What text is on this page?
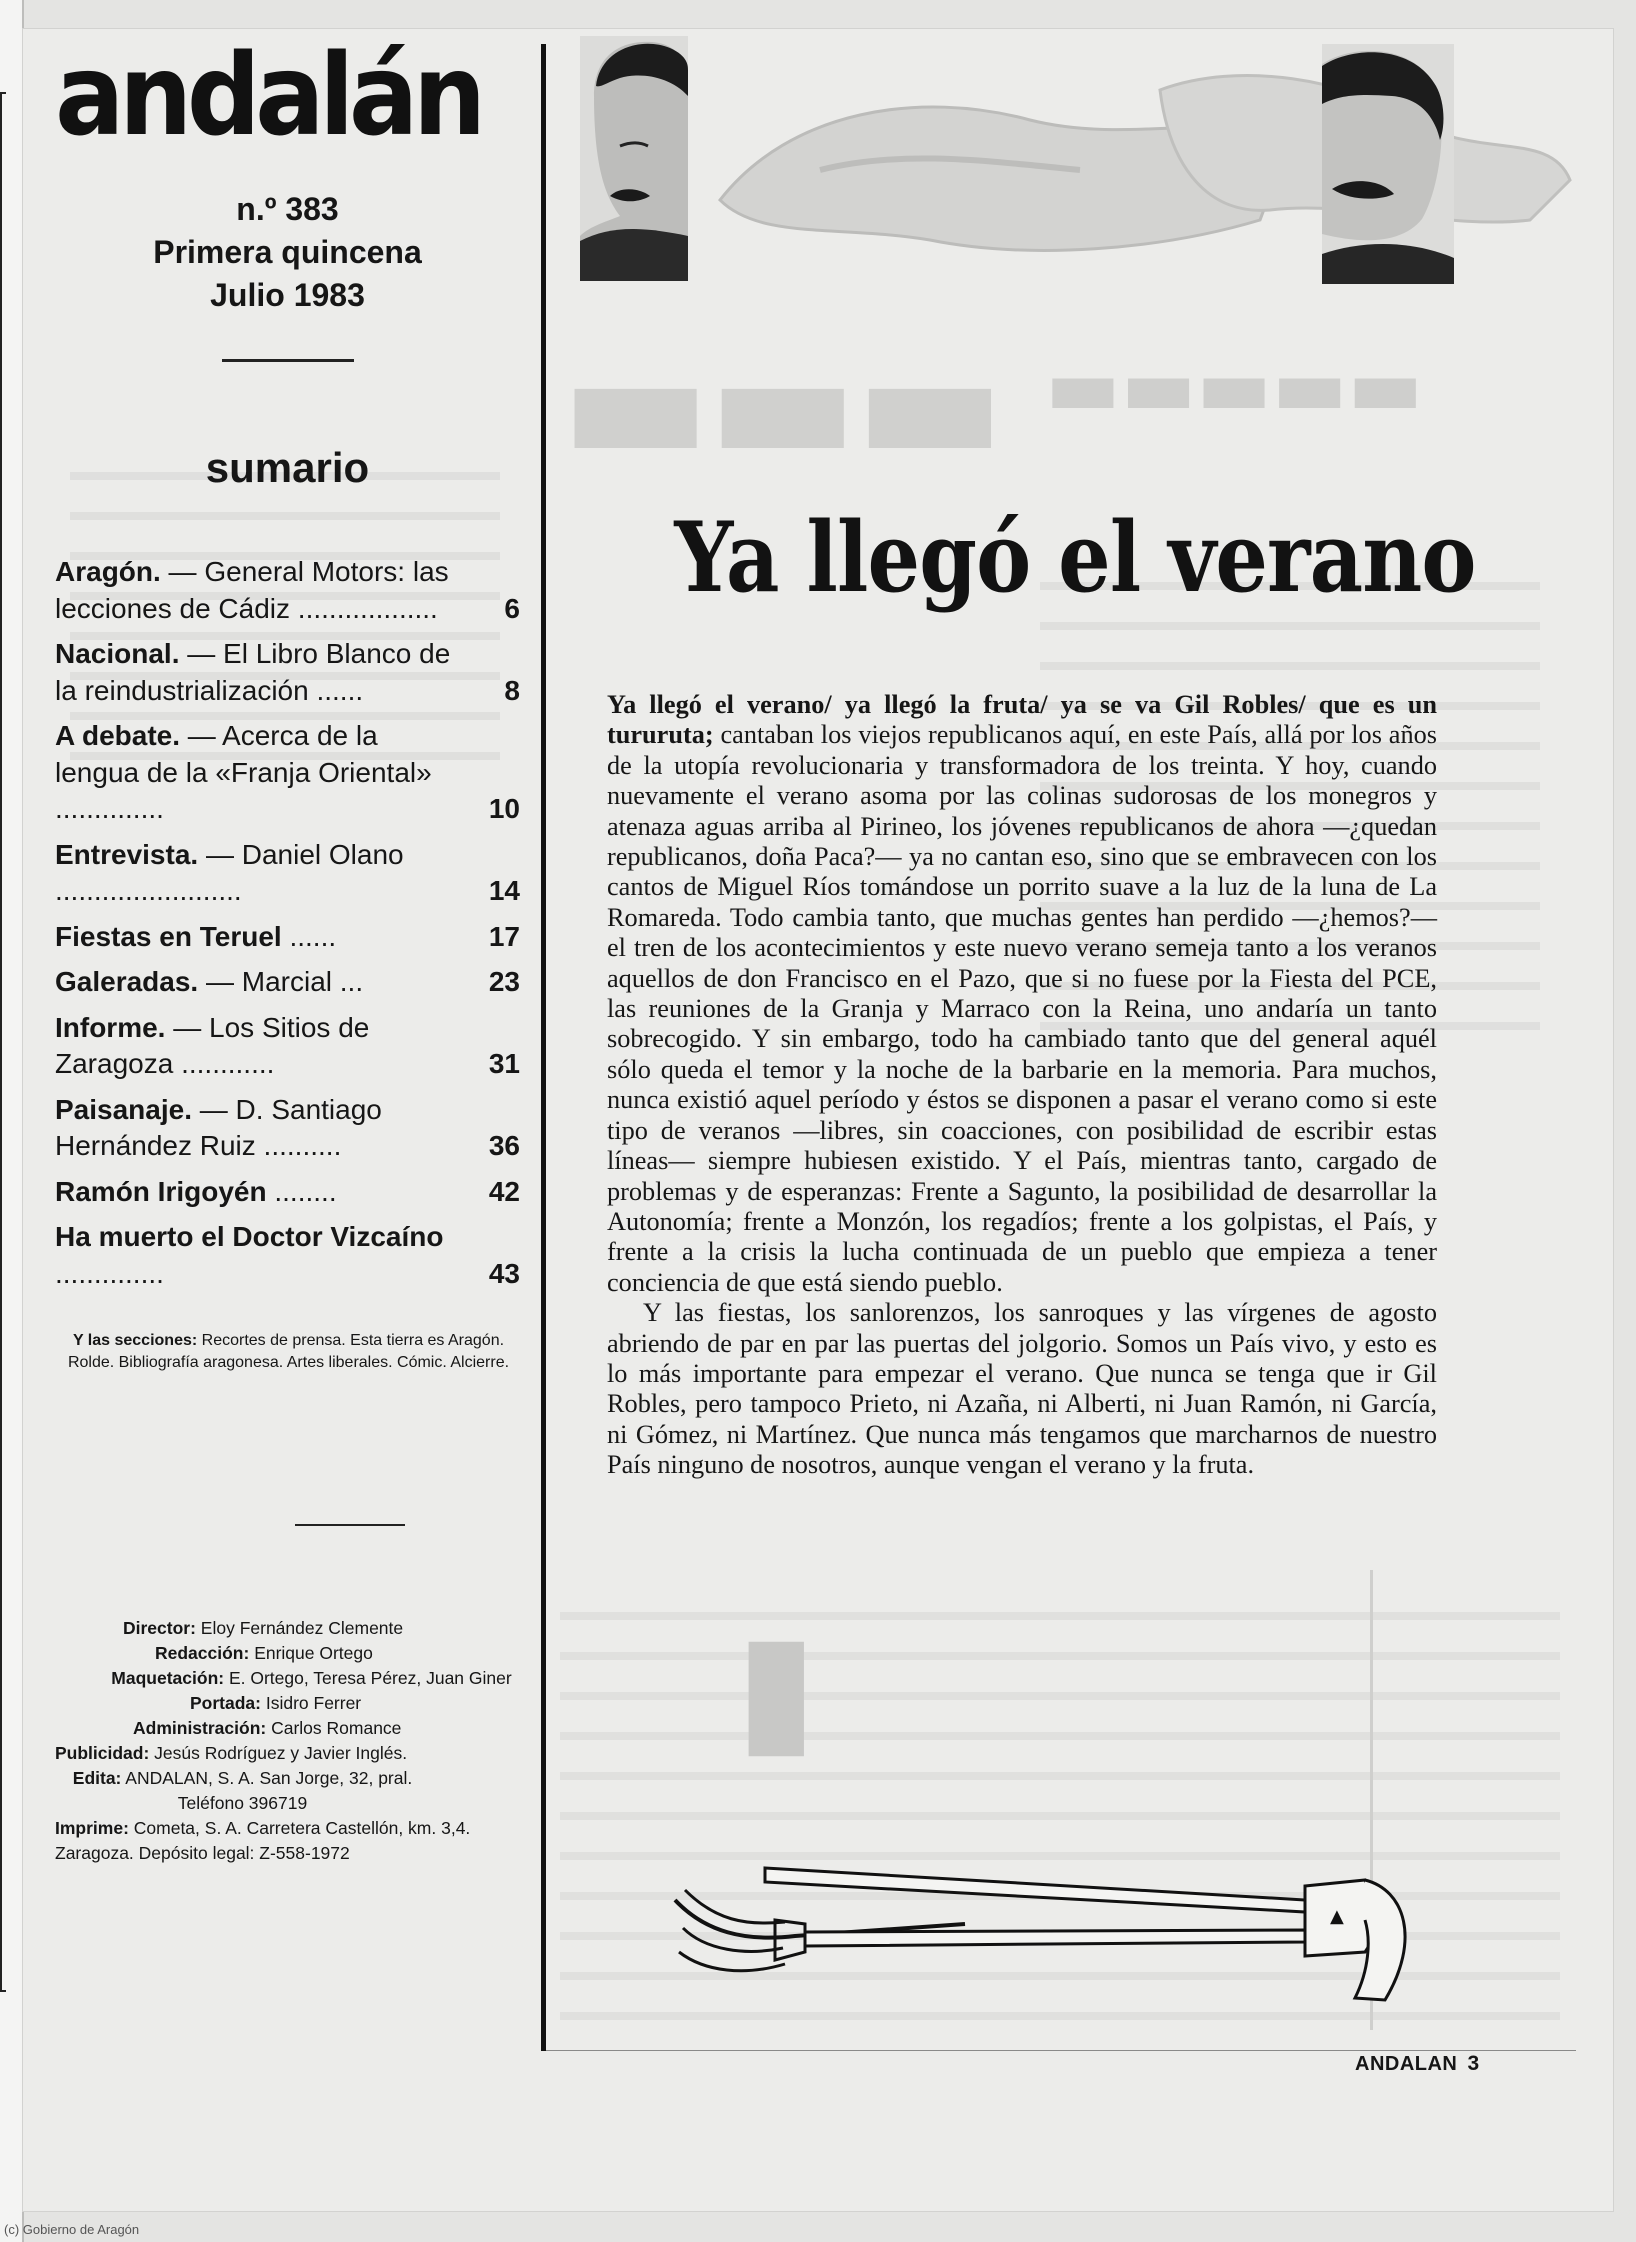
▬▬▬ ▬▬▬▬▬
▮
andalán
n.º 383
Primera quincena
Julio 1983
sumario
Aragón. — General Motors: las lecciones de Cádiz ..................	6
Nacional. — El Libro Blanco de la reindustrialización ......	8
A debate. — Acerca de la lengua de la «Franja Oriental» ..............	10
Entrevista. — Daniel Olano ........................	14
Fiestas en Teruel ......	17
Galeradas. — Marcial ...	23
Informe. — Los Sitios de Zaragoza ............	31
Paisanaje. — D. Santiago Hernández Ruiz ..........	36
Ramón Irigoyén ........	42
Ha muerto el Doctor Vizcaíno ..............	43
Y las secciones: Recortes de prensa. Esta tierra es Aragón. Rolde. Bibliografía aragonesa. Artes liberales. Cómic. Alcierre.
Director: Eloy Fernández Clemente
Redacción: Enrique Ortego
Maquetación: E. Ortego, Teresa Pérez, Juan Giner
Portada: Isidro Ferrer
Administración: Carlos Romance
Publicidad: Jesús Rodríguez y Javier Inglés.
Edita: ANDALAN, S. A. San Jorge, 32, pral. Teléfono 396719
Imprime: Cometa, S. A. Carretera Castellón, km. 3,4. Zaragoza. Depósito legal: Z-558-1972
Ya llegó el verano

Ya llegó el verano/ ya llegó la fruta/ ya se va Gil Robles/ que es un tururuta; cantaban los viejos republicanos aquí, en este País, allá por los años de la utopía revolucionaria y transformadora de los treinta. Y hoy, cuando nuevamente el verano asoma por las colinas sudorosas de los monegros y atenaza aguas arriba al Pirineo, los jóvenes republicanos de ahora —¿quedan republicanos, doña Paca?— ya no cantan eso, sino que se embravecen con los cantos de Miguel Ríos tomándose un porrito suave a la luz de la luna de La Romareda. Todo cambia tanto, que muchas gentes han perdido —¿hemos?— el tren de los acontecimientos y este nuevo verano semeja tanto a los veranos aquellos de don Francisco en el Pazo, que si no fuese por la Fiesta del PCE, las reuniones de la Granja y Marraco con la Reina, uno andaría un tanto sobrecogido. Y sin embargo, todo ha cambiado tanto que del general aquél sólo queda el temor y la noche de la barbarie en la memoria. Para muchos, nunca existió aquel período y éstos se disponen a pasar el verano como si este tipo de veranos —libres, sin coacciones, con posibilidad de escribir estas líneas— siempre hubiesen existido. Y el País, mientras tanto, cargado de problemas y de esperanzas: Frente a Sagunto, la posibilidad de desarrollar la Autonomía; frente a Monzón, los regadíos; frente a los golpistas, el País, y frente a la crisis la lucha continuada de un pueblo que empieza a tener conciencia de que está siendo pueblo.

Y las fiestas, los sanlorenzos, los sanroques y las vírgenes de agosto abriendo de par en par las puertas del jolgorio. Somos un País vivo, y esto es lo más importante para empezar el verano. Que nunca se tenga que ir Gil Robles, pero tampoco Prieto, ni Azaña, ni Alberti, ni Juan Ramón, ni García, ni Gómez, ni Martínez. Que nunca más tengamos que marcharnos de nuestro País ninguno de nosotros, aunque vengan el verano y la fruta.

▲
ANDALAN 3
(c) Gobierno de Aragón
